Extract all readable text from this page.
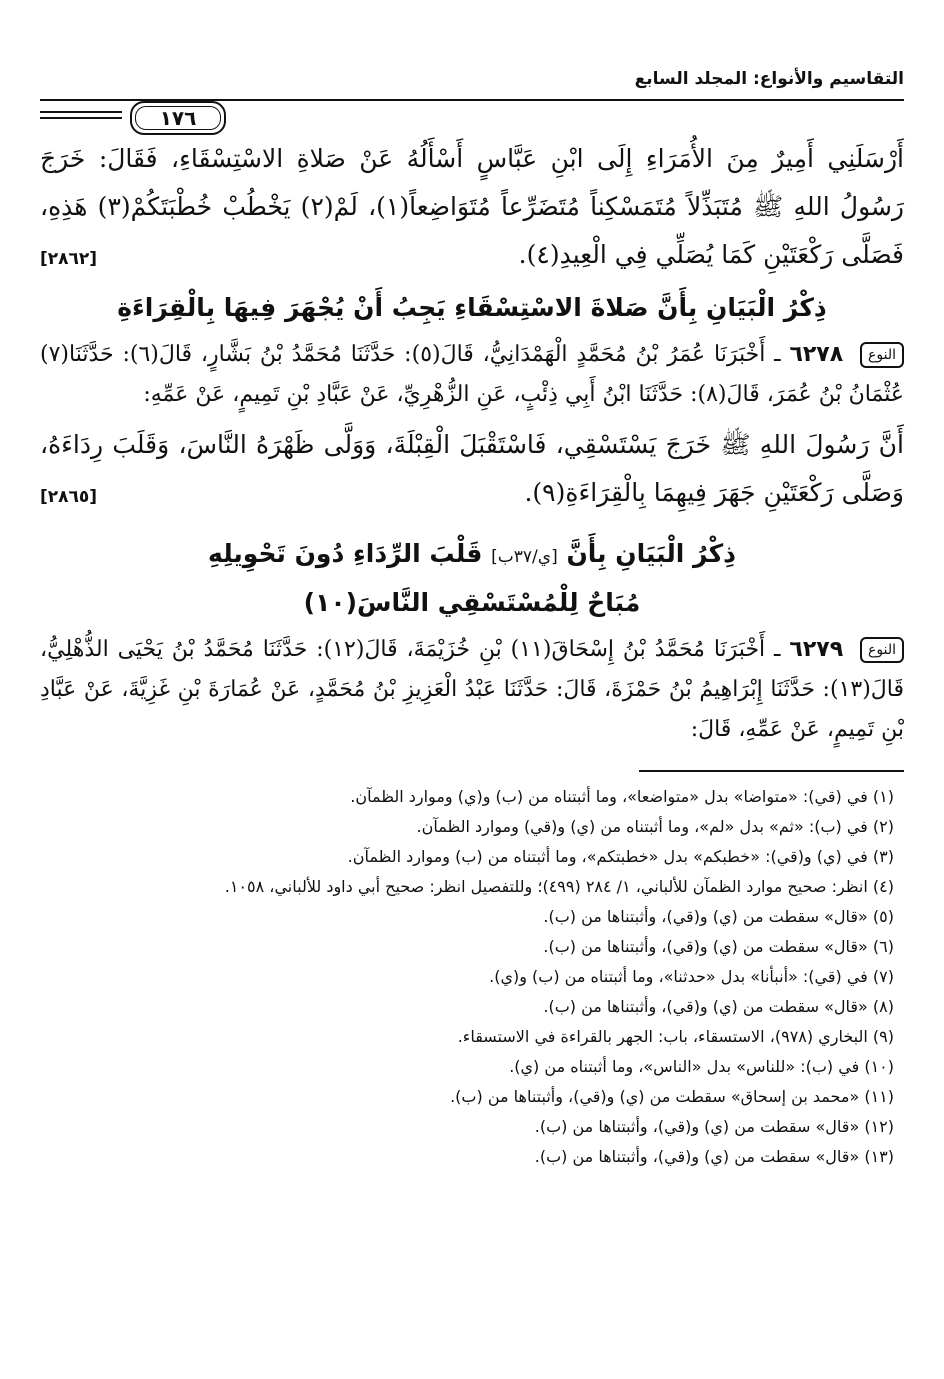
التقاسيم والأنواع: المجلد السابع
١٧٦

أَرْسَلَنِي أَمِيرٌ مِنَ الأُمَرَاءِ إِلَى ابْنِ عَبَّاسٍ أَسْأَلُهُ عَنْ صَلاةِ الاسْتِسْقَاءِ، فَقَالَ: خَرَجَ رَسُولُ اللهِ ﷺ مُتَبَذِّلاً مُتَمَسْكِناً مُتَضَرِّعاً مُتَوَاضِعاً(١)، لَمْ(٢) يَخْطُبْ خُطْبَتَكُمْ(٣) هَذِهِ، فَصَلَّى رَكْعَتَيْنِ كَمَا يُصَلِّي فِي الْعِيدِ(٤).
[٢٨٦٢]

ذِكْرُ الْبَيَانِ بِأَنَّ صَلاةَ الاسْتِسْقَاءِ يَجِبُ أَنْ يُجْهَرَ فِيهَا بِالْقِرَاءَةِ

النوع ٦٢٧٨ ـ أَخْبَرَنَا عُمَرُ بْنُ مُحَمَّدٍ الْهَمْدَانِيُّ، قَالَ(٥): حَدَّثَنَا مُحَمَّدُ بْنُ بَشَّارٍ، قَالَ(٦): حَدَّثَنَا(٧) عُثْمَانُ بْنُ عُمَرَ، قَالَ(٨): حَدَّثَنَا ابْنُ أَبِي ذِئْبٍ، عَنِ الزُّهْرِيِّ، عَنْ عَبَّادِ بْنِ تَمِيمٍ، عَنْ عَمِّهِ:

أَنَّ رَسُولَ اللهِ ﷺ خَرَجَ يَسْتَسْقِي، فَاسْتَقْبَلَ الْقِبْلَةَ، وَوَلَّى ظَهْرَهُ النَّاسَ، وَقَلَبَ رِدَاءَهُ، وَصَلَّى رَكْعَتَيْنِ جَهَرَ فِيهِمَا بِالْقِرَاءَةِ(٩).
[٢٨٦٥]

ذِكْرُ الْبَيَانِ بِأَنَّ [ي/٣٧ب] قَلْبَ الرِّدَاءِ دُونَ تَحْوِيلِهِ
مُبَاحٌ لِلْمُسْتَسْقِي النَّاسَ(١٠)

النوع ٦٢٧٩ ـ أَخْبَرَنَا مُحَمَّدُ بْنُ إِسْحَاقَ(١١) بْنِ خُزَيْمَةَ، قَالَ(١٢): حَدَّثَنَا مُحَمَّدُ بْنُ يَحْيَى الذُّهْلِيُّ، قَالَ(١٣): حَدَّثَنَا إِبْرَاهِيمُ بْنُ حَمْزَةَ، قَالَ: حَدَّثَنَا عَبْدُ الْعَزِيزِ بْنُ مُحَمَّدٍ، عَنْ عُمَارَةَ بْنِ غَزِيَّةَ، عَنْ عَبَّادِ بْنِ تَمِيمٍ، عَنْ عَمِّهِ، قَالَ:

(١) في (قي): «متواضا» بدل «متواضعا»، وما أثبتناه من (ب) و(ي) وموارد الظمآن.
(٢) في (ب): «ثم» بدل «لم»، وما أثبتناه من (ي) و(قي) وموارد الظمآن.
(٣) في (ي) و(قي): «خطبكم» بدل «خطبتكم»، وما أثبتناه من (ب) وموارد الظمآن.
(٤) انظر: صحيح موارد الظمآن للألباني، ١/ ٢٨٤ (٤٩٩)؛ وللتفصيل انظر: صحيح أبي داود للألباني، ١٠٥٨.
(٥) «قال» سقطت من (ي) و(قي)، وأثبتناها من (ب).
(٦) «قال» سقطت من (ي) و(قي)، وأثبتناها من (ب).
(٧) في (قي): «أنبأنا» بدل «حدثنا»، وما أثبتناه من (ب) و(ي).
(٨) «قال» سقطت من (ي) و(قي)، وأثبتناها من (ب).
(٩) البخاري (٩٧٨)، الاستسقاء، باب: الجهر بالقراءة في الاستسقاء.
(١٠) في (ب): «للناس» بدل «الناس»، وما أثبتناه من (ي).
(١١) «محمد بن إسحاق» سقطت من (ي) و(قي)، وأثبتناها من (ب).
(١٢) «قال» سقطت من (ي) و(قي)، وأثبتناها من (ب).
(١٣) «قال» سقطت من (ي) و(قي)، وأثبتناها من (ب).
